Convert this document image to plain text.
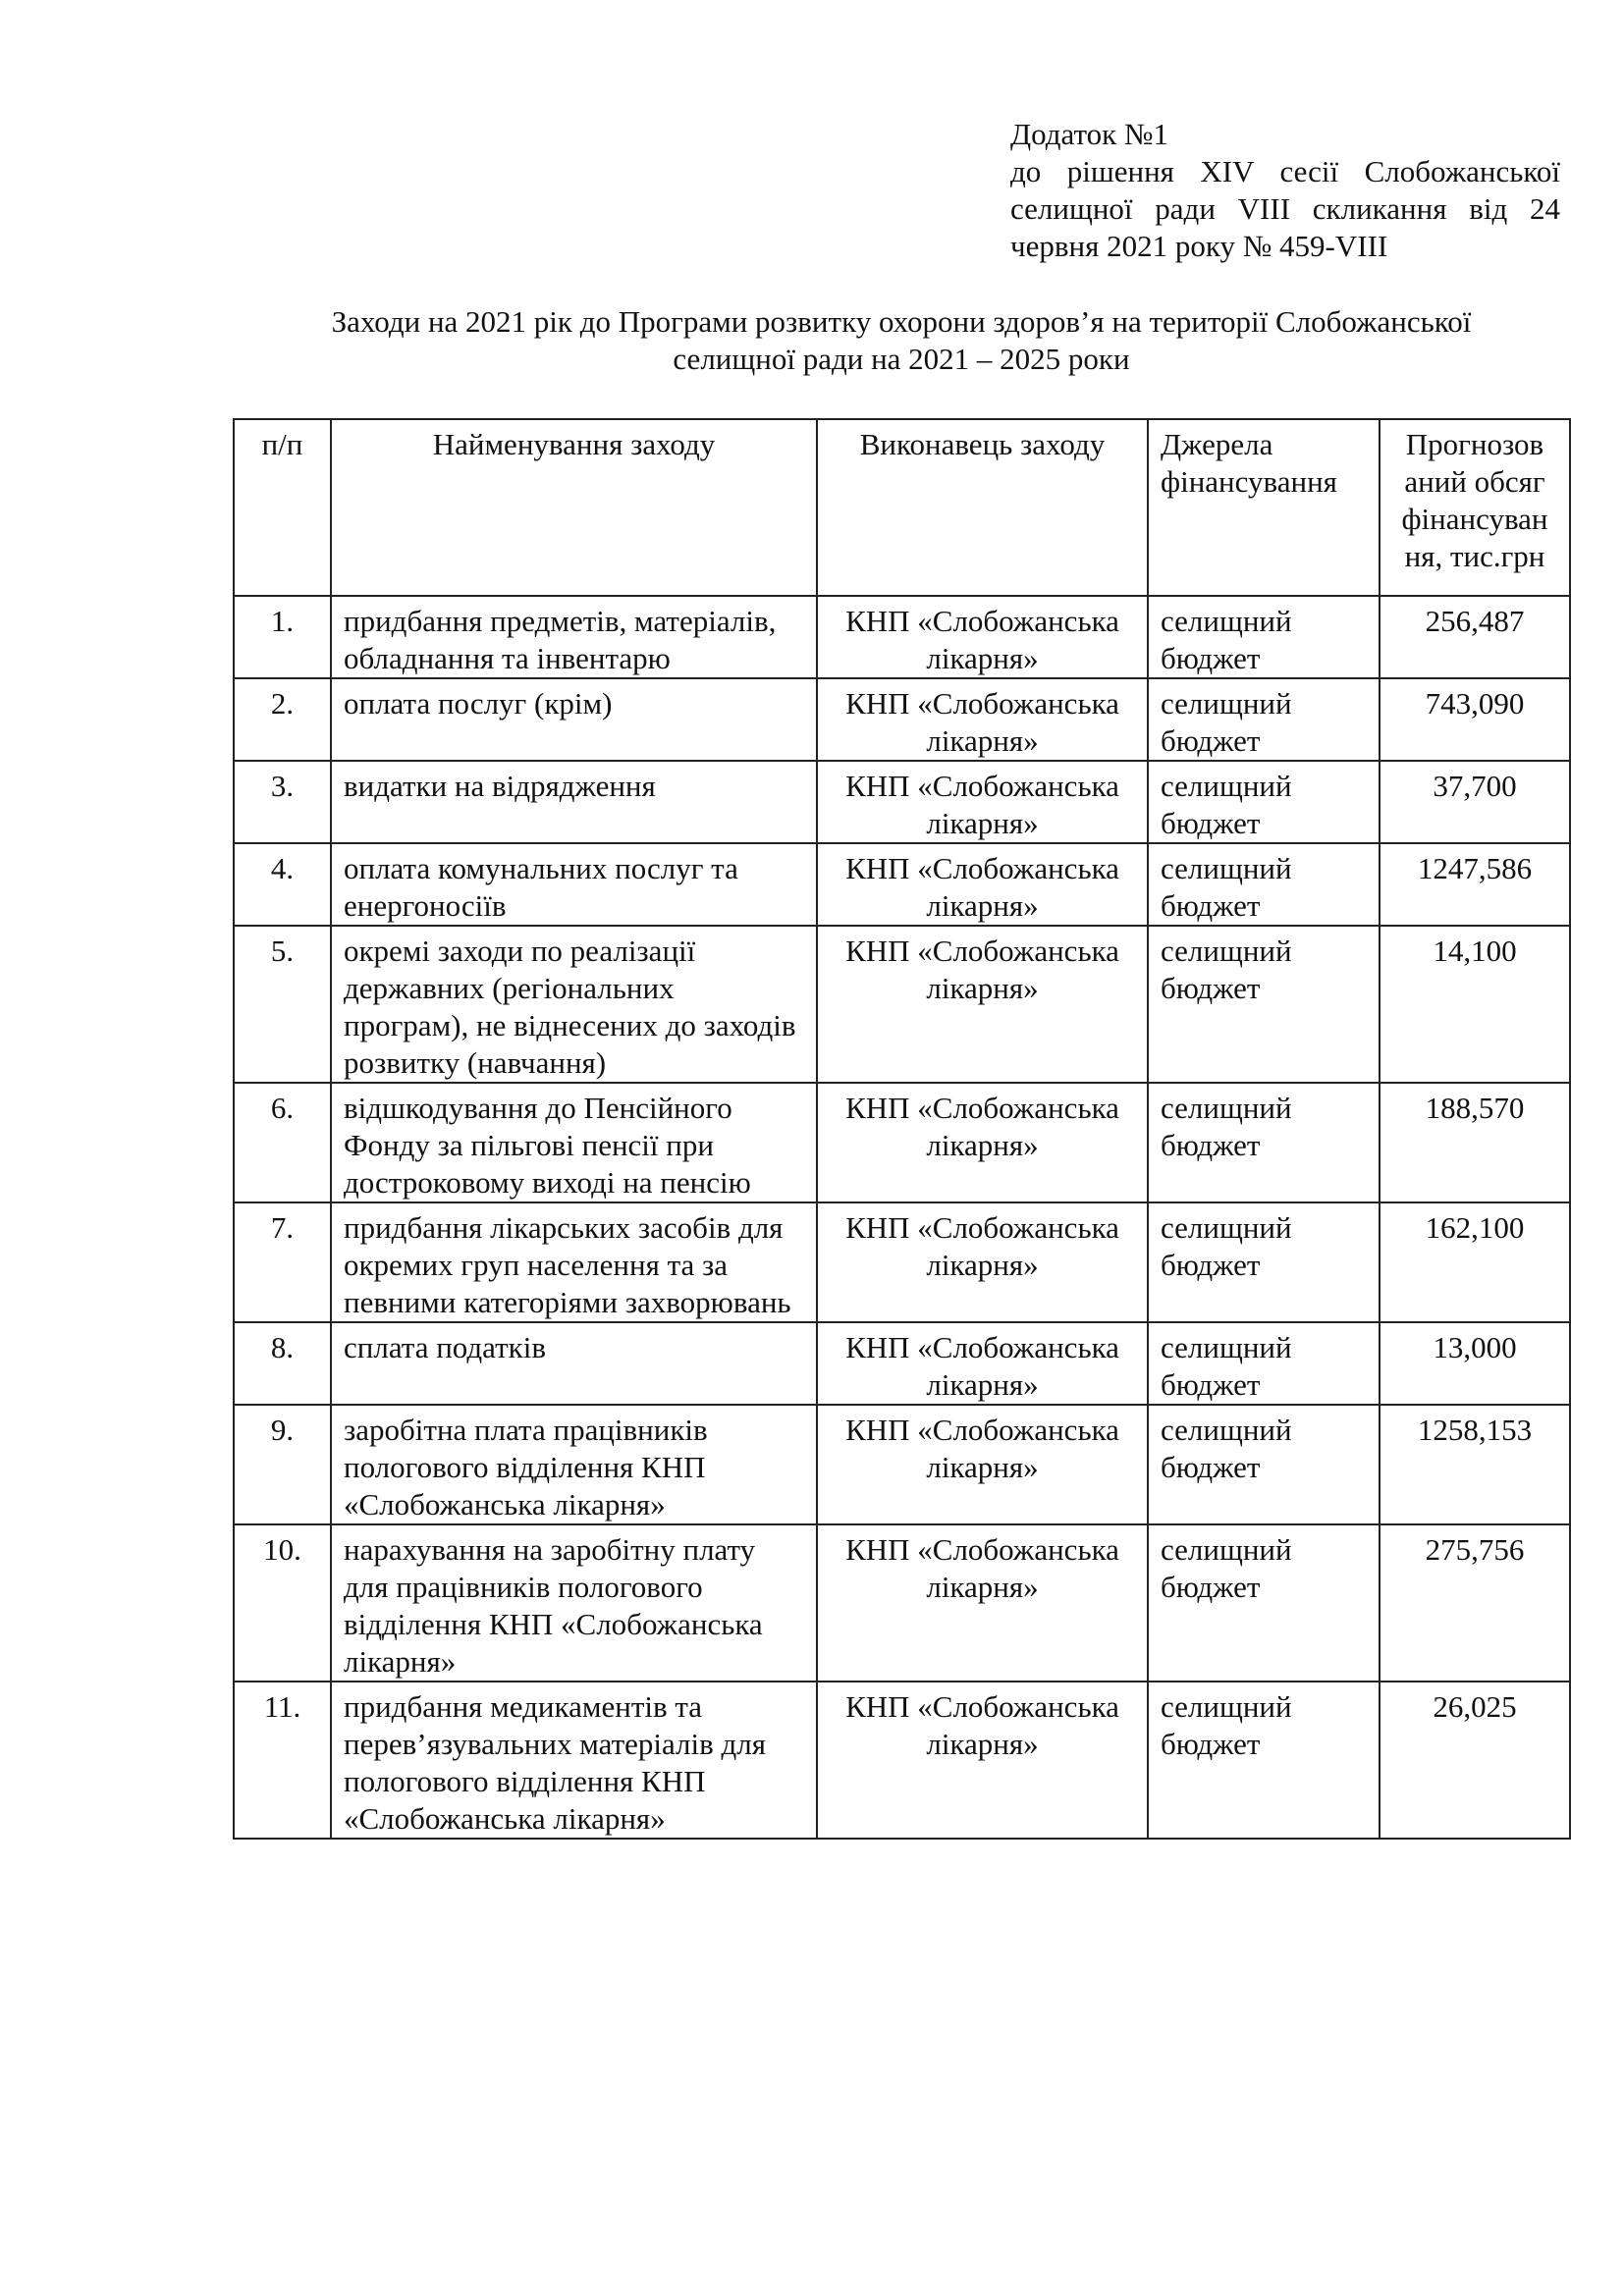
Додаток №1
до рішення XIV сесії Слобожанської
селищної ради VIII скликання від 24
червня 2021 року № 459-VIII
Заходи на 2021 рік до Програми розвитку охорони здоров’я на території Слобожанської
селищної ради на 2021 – 2025 роки
п/п	Найменування заходу	Виконавець заходу	Джерела фінансування	Прогнозов аний обсяг фінансуван ня, тис.грн
1.	придбання предметів, матеріалів, обладнання та інвентарю	КНП «Слобожанська лікарня»	селищний бюджет	256,487
2.	оплата послуг (крім)	КНП «Слобожанська лікарня»	селищний бюджет	743,090
3.	видатки на відрядження	КНП «Слобожанська лікарня»	селищний бюджет	37,700
4.	оплата комунальних послуг та енергоносіїв	КНП «Слобожанська лікарня»	селищний бюджет	1247,586
5.	окремі заходи по реалізації державних (регіональних програм), не віднесених до заходів розвитку (навчання)	КНП «Слобожанська лікарня»	селищний бюджет	14,100
6.	відшкодування до Пенсійного Фонду за пільгові пенсії при достроковому виході на пенсію	КНП «Слобожанська лікарня»	селищний бюджет	188,570
7.	придбання лікарських засобів для окремих груп населення та за певними категоріями захворювань	КНП «Слобожанська лікарня»	селищний бюджет	162,100
8.	сплата податків	КНП «Слобожанська лікарня»	селищний бюджет	13,000
9.	заробітна плата працівників пологового відділення КНП «Слобожанська лікарня»	КНП «Слобожанська лікарня»	селищний бюджет	1258,153
10.	нарахування на заробітну плату для працівників пологового відділення КНП «Слобожанська лікарня»	КНП «Слобожанська лікарня»	селищний бюджет	275,756
11.	придбання медикаментів та перев’язувальних матеріалів для пологового відділення КНП «Слобожанська лікарня»	КНП «Слобожанська лікарня»	селищний бюджет	26,025
